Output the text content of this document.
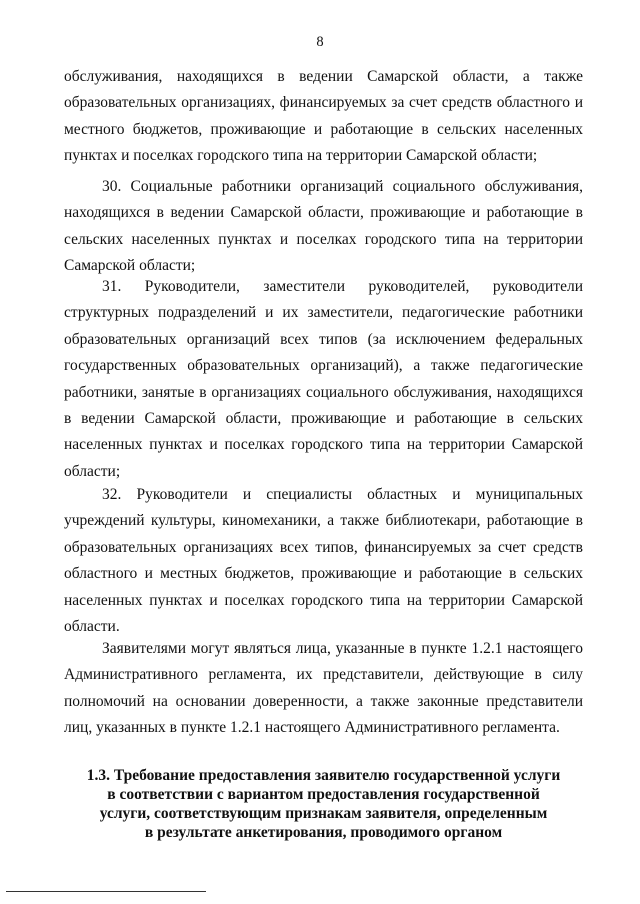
8

обслуживания, находящихся в ведении Самарской области, а также образовательных организациях, финансируемых за счет средств областного и местного бюджетов, проживающие и работающие в сельских населенных пунктах и поселках городского типа на территории Самарской области;

30. Социальные работники организаций социального обслуживания, находящихся в ведении Самарской области, проживающие и работающие в сельских населенных пунктах и поселках городского типа на территории Самарской области;

31. Руководители, заместители руководителей, руководители структурных подразделений и их заместители, педагогические работники образовательных организаций всех типов (за исключением федеральных государственных образовательных организаций), а также педагогические работники, занятые в организациях социального обслуживания, находящихся в ведении Самарской области, проживающие и работающие в сельских населенных пунктах и поселках городского типа на территории Самарской области;

32. Руководители и специалисты областных и муниципальных учреждений культуры, киномеханики, а также библиотекари, работающие в образовательных организациях всех типов, финансируемых за счет средств областного и местных бюджетов, проживающие и работающие в сельских населенных пунктах и поселках городского типа на территории Самарской области.

Заявителями могут являться лица, указанные в пункте 1.2.1 настоящего Административного регламента, их представители, действующие в силу полномочий на основании доверенности, а также законные представители лиц, указанных в пункте 1.2.1 настоящего Административного регламента.

1.3. Требование предоставления заявителю государственной услуги
в соответствии с вариантом предоставления государственной
услуги, соответствующим признакам заявителя, определенным
в результате анкетирования, проводимого органом
